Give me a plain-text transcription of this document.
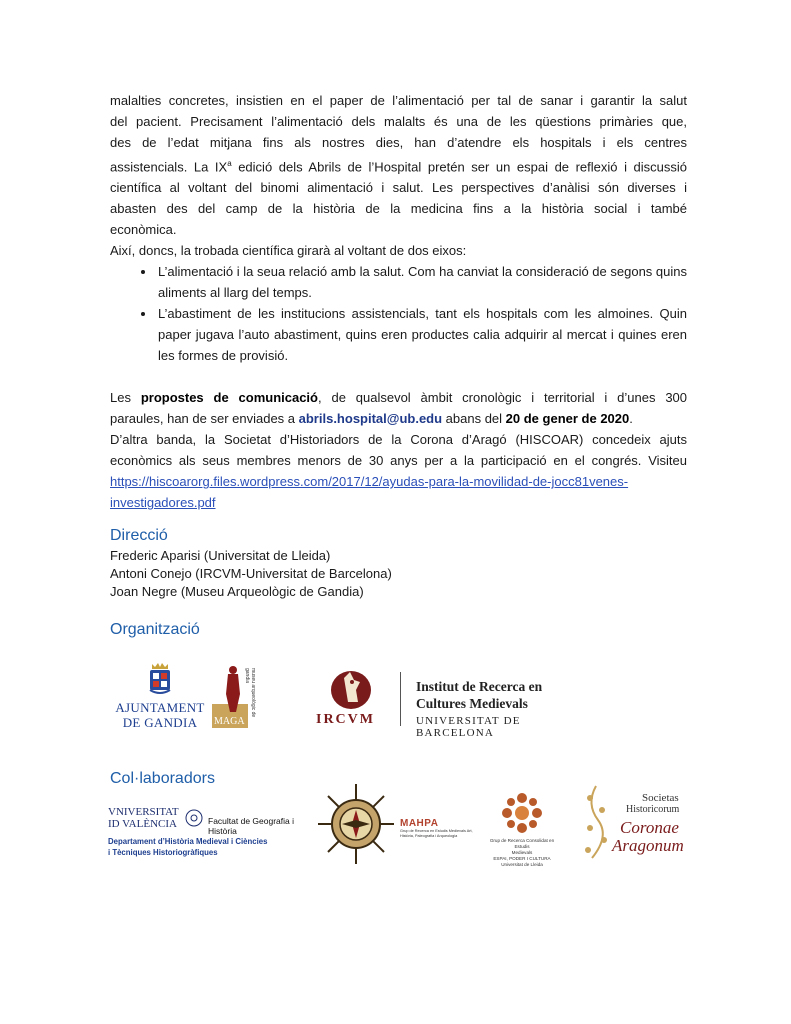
malalties concretes, insistien en el paper de l’alimentació per tal de sanar i garantir la salut
del pacient. Precisament l’alimentació dels malalts és una de les qüestions primàries que,
des de l’edat mitjana fins als nostres dies, han d’atendre els hospitals i els centres
assistencials. La $IX^a$ edició dels Abrils de l’Hospital pretén ser un espai de reflexió i discussió
científica al voltant del binomi alimentació i salut. Les perspectives d’anàlisi són diverses i
abasten des del camp de la història de la medicina fins a la història social i també
econòmica.
Així, doncs, la trobada científica girarà al voltant de dos eixos:

• L’alimentació i la seua relació amb la salut. Com ha canviat la consideració de segons quins aliments al llarg del temps.
• L’abastiment de les institucions assistencials, tant els hospitals com les almoines. Quin paper jugava l’auto abastiment, quins eren productes calia adquirir al mercat i quines eren les formes de provisió.

Les propostes de comunicació, de qualsevol àmbit cronològic i territorial i d’unes 300
paraules, han de ser enviades a abrils.hospital@ub.edu abans del 20 de gener de 2020.
D’altra banda, la Societat d’Historiadors de la Corona d’Aragó (HISCOAR) concedeix ajuts
econòmics als seus membres menors de 30 anys per a la participació en el congrés. Visiteu
https://hiscoarorg.files.wordpress.com/2017/12/ayudas-para-la-movilidad-de-jocc81venes-
investigadores.pdf

Direcció
Frederic Aparisi (Universitat de Lleida)
Antoni Conejo (IRCVM-Universitat de Barcelona)
Joan Negre (Museu Arqueològic de Gandia)
Organització
AJUNTAMENT
DE GANDIA	MAGA
museu arqueològic de gandia
IRCVM
Institut de Recerca en
Cultures Medievals
UNIVERSITAT DE BARCELONA
Col·laboradors
VNIVERSITAT
ID VALÈNCIA	Facultat de Geografia i Història
Departament d’Història Medieval i Ciències
i Tècniques Historiogràfiques
MAHPA
Grup de Recerca en Estudis Medievals Art, Història, Paleografia i Arqueologia
Grup de Recerca Consolidat en Estudis
Medievals
ESPAI, PODER I CULTURA
Universitat de Lleida
Societas
Historicorum
Coronae
Aragonum
